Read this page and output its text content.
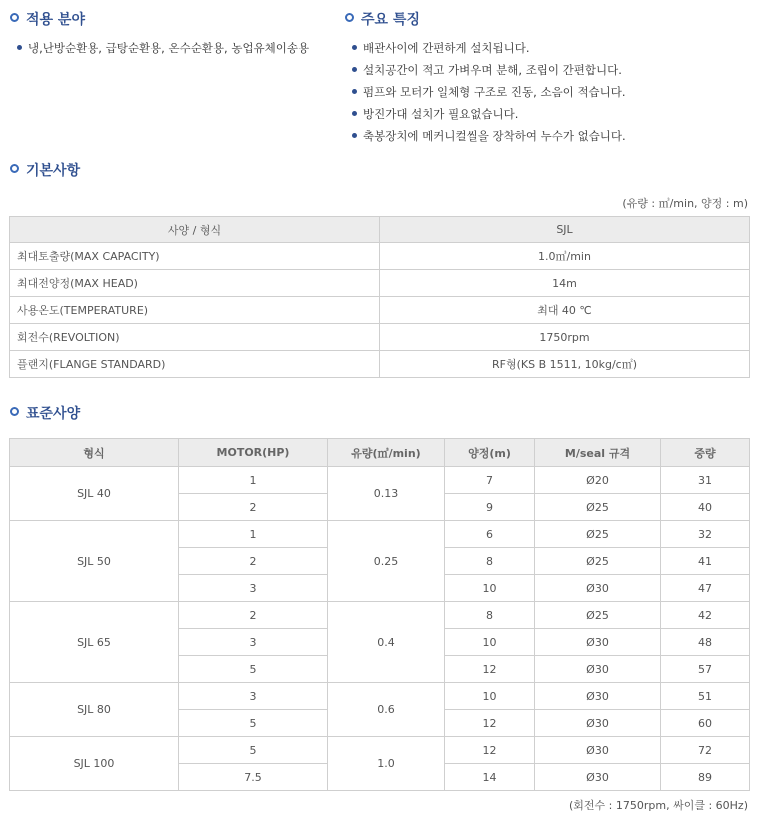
적용 분야
냉,난방순환용, 급탕순환용, 온수순환용, 농업유체이송용
주요 특징
배관사이에 간편하게 설치됩니다.
설치공간이 적고 가벼우며 분해, 조립이 간편합니다.
펌프와 모터가 일체형 구조로 진동, 소음이 적습니다.
방진가대 설치가 필요없습니다.
축봉장치에 메커니컬씰을 장착하여 누수가 없습니다.
기본사항
(유량 : ㎥/min, 양정 : m)
사양 / 형식	SJL
최대토출량(MAX CAPACITY)	1.0㎥/min
최대전양정(MAX HEAD)	14m
사용온도(TEMPERATURE)	최대 40 ℃
회전수(REVOLTION)	1750rpm
플랜지(FLANGE STANDARD)	RF형(KS B 1511, 10kg/c㎡)
표준사양
형식	MOTOR(HP)	유량(㎥/min)	양정(m)	M/seal 규격	중량
SJL 40	1	0.13	7	Ø20	31
	2		9	Ø25	40
SJL 50	1	0.25	6	Ø25	32
	2		8	Ø25	41
	3		10	Ø30	47
SJL 65	2	0.4	8	Ø25	42
	3		10	Ø30	48
	5		12	Ø30	57
SJL 80	3	0.6	10	Ø30	51
	5		12	Ø30	60
SJL 100	5	1.0	12	Ø30	72
	7.5		14	Ø30	89
(회전수 : 1750rpm, 싸이클 : 60Hz)
